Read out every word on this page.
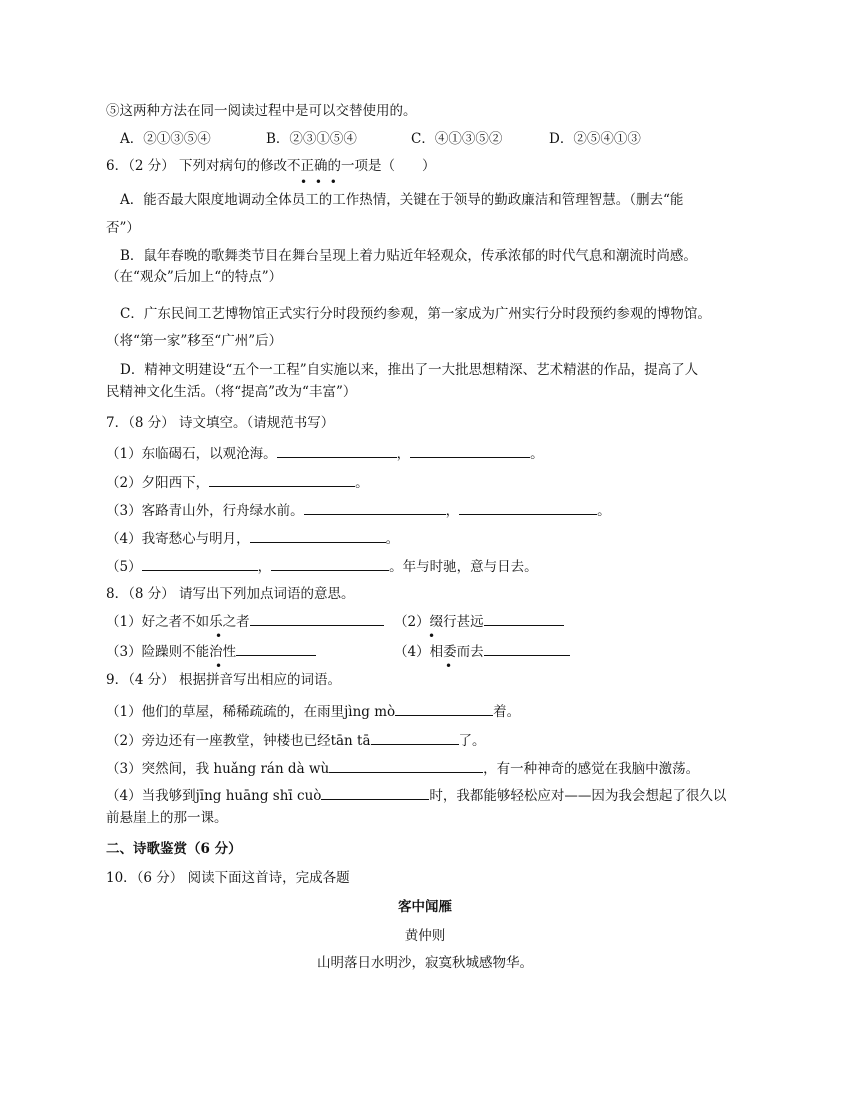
⑤这两种方法在同一阅读过程中是可以交替使用的。
A．②①③⑤④	B．②③①⑤④	C．④①③⑤②	D．②⑤④①③
6．（2 分） 下列对病句的修改不正确的一项是（　　）
• • •
A．能否最大限度地调动全体员工的工作热情，关键在于领导的勤政廉洁和管理智慧。（删去“能
否”）
B．鼠年春晚的歌舞类节目在舞台呈现上着力贴近年轻观众，传承浓郁的时代气息和潮流时尚感。
（在“观众”后加上“的特点”）
C．广东民间工艺博物馆正式实行分时段预约参观，第一家成为广州实行分时段预约参观的博物馆。
（将“第一家”移至“广州”后）
D．精神文明建设“五个一工程”自实施以来，推出了一大批思想精深、艺术精湛的作品，提高了人
民精神文化生活。（将“提高”改为“丰富”）
7．（8 分） 诗文填空。（请规范书写）
（1）东临碣石，以观沧海。	，	。
（2）夕阳西下，	。
（3）客路青山外，行舟绿水前。	，	。
（4）我寄愁心与明月，	。
（5）	，	。年与时驰，意与日去。
8．（8 分） 请写出下列加点词语的意思。
（1）好之者不如乐之者
•
（2）缀行甚远
•
（3）险躁则不能治性
•
（4）相委而去
•
9．（4 分） 根据拼音写出相应的词语。
（1）他们的草屋，稀稀疏疏的，在雨里jìng mò	着。
（2）旁边还有一座教堂，钟楼也已经tān tā	了。
（3）突然间，我 huǎng rán dà wù	，有一种神奇的感觉在我脑中激荡。
（4）当我够到jīng huāng shī cuò	时，我都能够轻松应对——因为我会想起了很久以
前悬崖上的那一课。
二、诗歌鉴赏（6 分）
10．（6 分） 阅读下面这首诗，完成各题
客中闻雁
黄仲则
山明落日水明沙，寂寞秋城感物华。
